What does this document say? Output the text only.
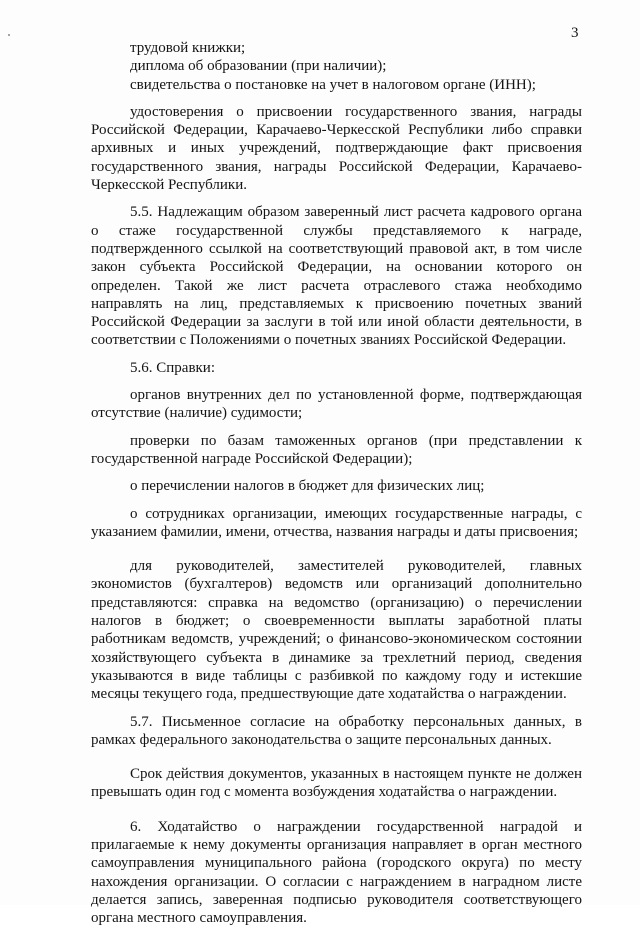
3

трудовой книжки;

диплома об образовании (при наличии);

свидетельства о постановке на учет в налоговом органе (ИНН);

удостоверения о присвоении государственного звания, награды Российской Федерации, Карачаево-Черкесской Республики либо справки архивных и иных учреждений, подтверждающие факт присвоения государственного звания, награды Российской Федерации, Карачаево-Черкесской Республики.

5.5. Надлежащим образом заверенный лист расчета кадрового органа о стаже государственной службы представляемого к награде, подтвержденного ссылкой на соответствующий правовой акт, в том числе закон субъекта Российской Федерации, на основании которого он определен. Такой же лист расчета отраслевого стажа необходимо направлять на лиц, представляемых к присвоению почетных званий Российской Федерации за заслуги в той или иной области деятельности, в соответствии с Положениями о почетных званиях Российской Федерации.

5.6. Справки:

органов внутренних дел по установленной форме, подтверждающая отсутствие (наличие) судимости;

проверки по базам таможенных органов (при представлении к государственной награде Российской Федерации);

о перечислении налогов в бюджет для физических лиц;

о сотрудниках организации, имеющих государственные награды, с указанием фамилии, имени, отчества, названия награды и даты присвоения;

для руководителей, заместителей руководителей, главных экономистов (бухгалтеров) ведомств или организаций дополнительно представляются: справка на ведомство (организацию) о перечислении налогов в бюджет; о своевременности выплаты заработной платы работникам ведомств, учреждений; о финансово-экономическом состоянии хозяйствующего субъекта в динамике за трехлетний период, сведения указываются в виде таблицы с разбивкой по каждому году и истекшие месяцы текущего года, предшествующие дате ходатайства о награждении.

5.7. Письменное согласие на обработку персональных данных, в рамках федерального законодательства о защите персональных данных.

Срок действия документов, указанных в настоящем пункте не должен превышать один год с момента возбуждения ходатайства о награждении.

6. Ходатайство о награждении государственной наградой и прилагаемые к нему документы организация направляет в орган местного самоуправления муниципального района (городского округа) по месту нахождения организации. О согласии с награждением в наградном листе делается запись, заверенная подписью руководителя соответствующего органа местного самоуправления.
